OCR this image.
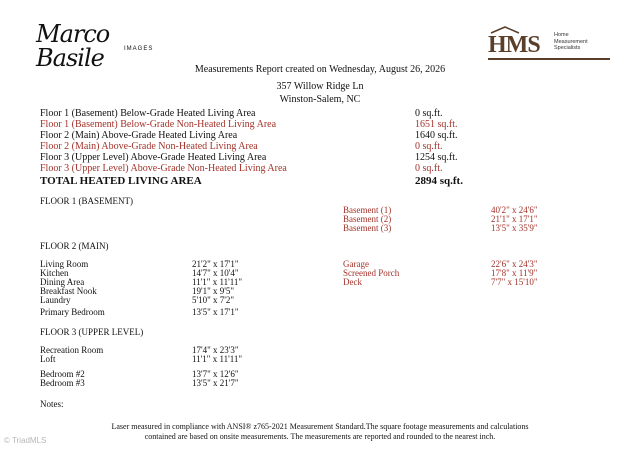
Marco Basile	IMAGES	HMS	Home
Measurement
Specialists
Measurements Report created on Wednesday, August 26, 2026
357 Willow Ridge Ln
Winston-Salem, NC
Floor 1 (Basement) Below-Grade Heated Living Area	0 sq.ft.
Floor 1 (Basement) Below-Grade Non-Heated Living Area	1651 sq.ft.
Floor 2 (Main) Above-Grade Heated Living Area	1640 sq.ft.
Floor 2 (Main) Above-Grade Non-Heated Living Area	0 sq.ft.
Floor 3 (Upper Level) Above-Grade Heated Living Area	1254 sq.ft.
Floor 3 (Upper Level) Above-Grade Non-Heated Living Area	0 sq.ft.
TOTAL HEATED LIVING AREA	2894 sq.ft.
FLOOR 1 (BASEMENT)
Basement (1)	40'2" x 24'6"
Basement (2)	21'1" x 17'1"
Basement (3)	13'5" x 35'9"
FLOOR 2 (MAIN)
Living Room	21'2" x 17'1"
Kitchen	14'7" x 10'4"
Dining Area	11'1" x 11'11"
Breakfast Nook	19'1" x 9'5"
Laundry	5'10" x 7'2"
Primary Bedroom	13'5" x 17'1"
Garage	22'6" x 24'3"
Screened Porch	17'8" x 11'9"
Deck	7'7" x 15'10"
FLOOR 3 (UPPER LEVEL)
Recreation Room	17'4" x 23'3"
Loft	11'1" x 11'11"
Bedroom #2	13'7" x 12'6"
Bedroom #3	13'5" x 21'7"
Notes:
Laser measured in compliance with ANSI® z765-2021 Measurement Standard.The square footage measurements and calculations
contained are based on onsite measurements. The measurements are reported and rounded to the nearest inch.
© TriadMLS
